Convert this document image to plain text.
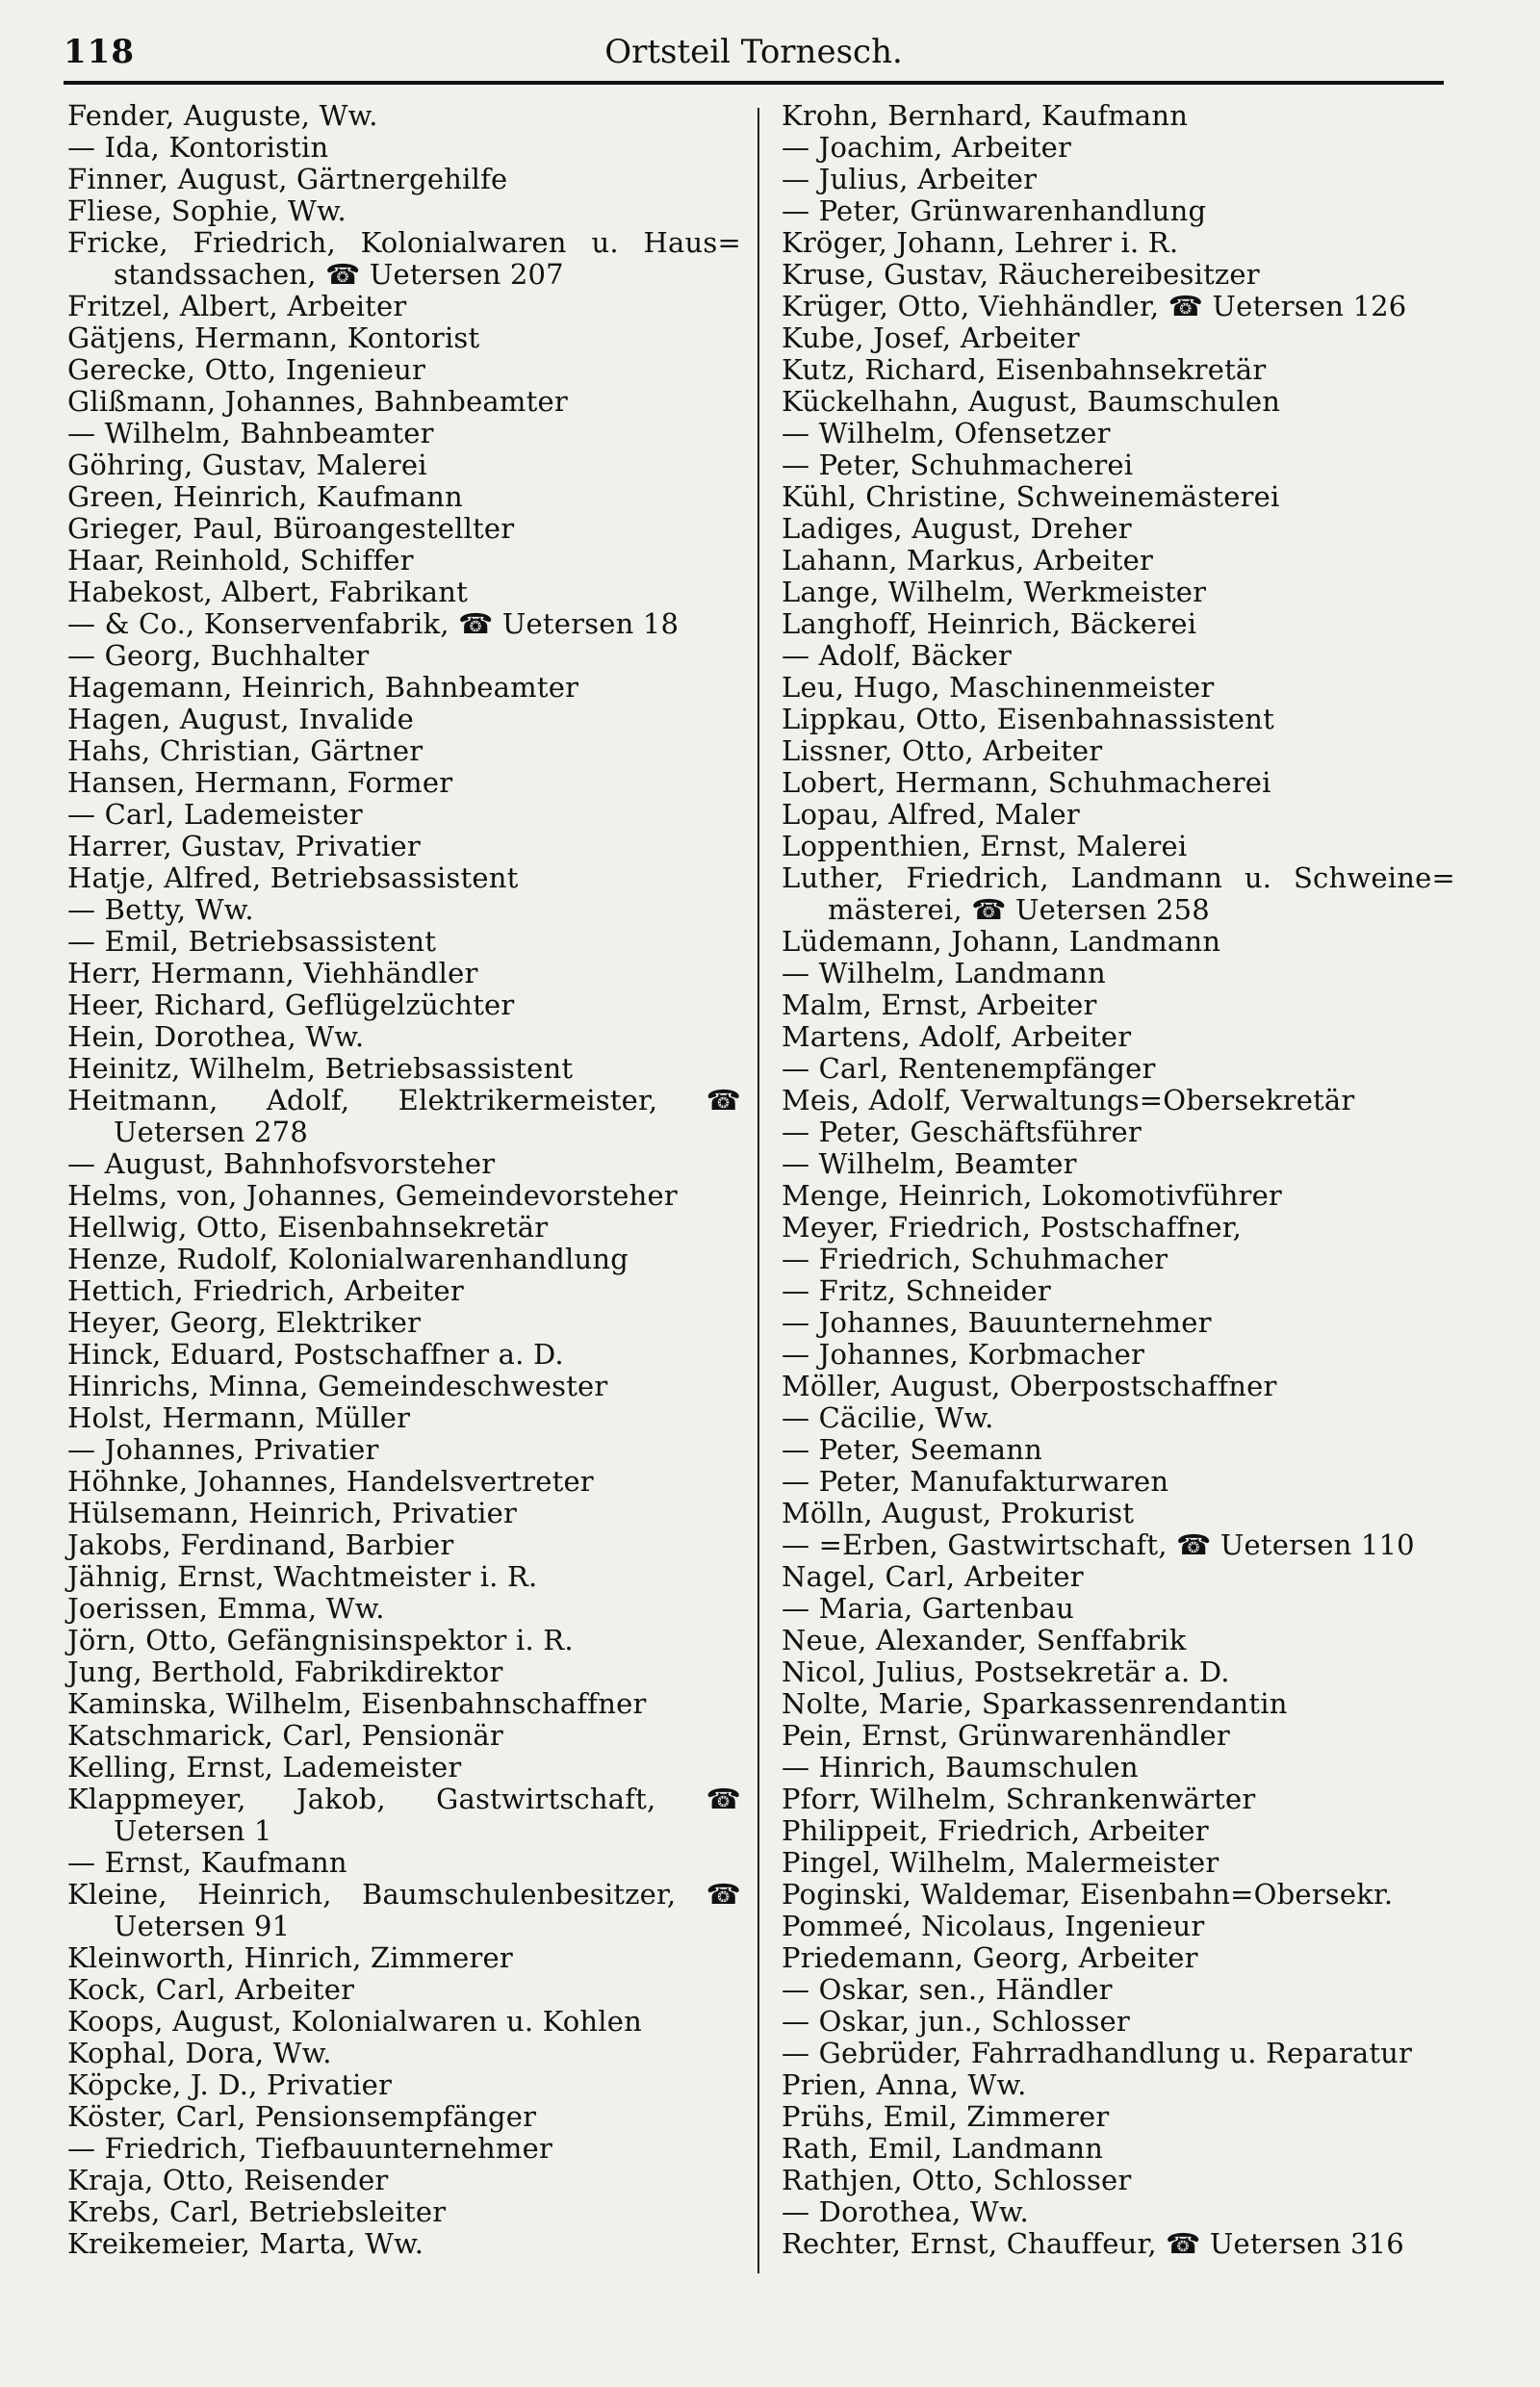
118	Ortsteil Tornesch.
Fender, Auguste, Ww.
— Ida, Kontoristin
Finner, August, Gärtnergehilfe
Fliese, Sophie, Ww.
Fricke, Friedrich, Kolonialwaren u. Haus=
standssachen, ☎ Uetersen 207
Fritzel, Albert, Arbeiter
Gätjens, Hermann, Kontorist
Gerecke, Otto, Ingenieur
Glißmann, Johannes, Bahnbeamter
— Wilhelm, Bahnbeamter
Göhring, Gustav, Malerei
Green, Heinrich, Kaufmann
Grieger, Paul, Büroangestellter
Haar, Reinhold, Schiffer
Habekost, Albert, Fabrikant
— & Co., Konservenfabrik, ☎ Uetersen 18
— Georg, Buchhalter
Hagemann, Heinrich, Bahnbeamter
Hagen, August, Invalide
Hahs, Christian, Gärtner
Hansen, Hermann, Former
— Carl, Lademeister
Harrer, Gustav, Privatier
Hatje, Alfred, Betriebsassistent
— Betty, Ww.
— Emil, Betriebsassistent
Herr, Hermann, Viehhändler
Heer, Richard, Geflügelzüchter
Hein, Dorothea, Ww.
Heinitz, Wilhelm, Betriebsassistent
Heitmann, Adolf, Elektrikermeister, ☎
Uetersen 278
— August, Bahnhofsvorsteher
Helms, von, Johannes, Gemeindevorsteher
Hellwig, Otto, Eisenbahnsekretär
Henze, Rudolf, Kolonialwarenhandlung
Hettich, Friedrich, Arbeiter
Heyer, Georg, Elektriker
Hinck, Eduard, Postschaffner a. D.
Hinrichs, Minna, Gemeindeschwester
Holst, Hermann, Müller
— Johannes, Privatier
Höhnke, Johannes, Handelsvertreter
Hülsemann, Heinrich, Privatier
Jakobs, Ferdinand, Barbier
Jähnig, Ernst, Wachtmeister i. R.
Joerissen, Emma, Ww.
Jörn, Otto, Gefängnisinspektor i. R.
Jung, Berthold, Fabrikdirektor
Kaminska, Wilhelm, Eisenbahnschaffner
Katschmarick, Carl, Pensionär
Kelling, Ernst, Lademeister
Klappmeyer, Jakob, Gastwirtschaft, ☎
Uetersen 1
— Ernst, Kaufmann
Kleine, Heinrich, Baumschulenbesitzer, ☎
Uetersen 91
Kleinworth, Hinrich, Zimmerer
Kock, Carl, Arbeiter
Koops, August, Kolonialwaren u. Kohlen
Kophal, Dora, Ww.
Köpcke, J. D., Privatier
Köster, Carl, Pensionsempfänger
— Friedrich, Tiefbauunternehmer
Kraja, Otto, Reisender
Krebs, Carl, Betriebsleiter
Kreikemeier, Marta, Ww.
Krohn, Bernhard, Kaufmann
— Joachim, Arbeiter
— Julius, Arbeiter
— Peter, Grünwarenhandlung
Kröger, Johann, Lehrer i. R.
Kruse, Gustav, Räuchereibesitzer
Krüger, Otto, Viehhändler, ☎ Uetersen 126
Kube, Josef, Arbeiter
Kutz, Richard, Eisenbahnsekretär
Kückelhahn, August, Baumschulen
— Wilhelm, Ofensetzer
— Peter, Schuhmacherei
Kühl, Christine, Schweinemästerei
Ladiges, August, Dreher
Lahann, Markus, Arbeiter
Lange, Wilhelm, Werkmeister
Langhoff, Heinrich, Bäckerei
— Adolf, Bäcker
Leu, Hugo, Maschinenmeister
Lippkau, Otto, Eisenbahnassistent
Lissner, Otto, Arbeiter
Lobert, Hermann, Schuhmacherei
Lopau, Alfred, Maler
Loppenthien, Ernst, Malerei
Luther, Friedrich, Landmann u. Schweine=
mästerei, ☎ Uetersen 258
Lüdemann, Johann, Landmann
— Wilhelm, Landmann
Malm, Ernst, Arbeiter
Martens, Adolf, Arbeiter
— Carl, Rentenempfänger
Meis, Adolf, Verwaltungs=Obersekretär
— Peter, Geschäftsführer
— Wilhelm, Beamter
Menge, Heinrich, Lokomotivführer
Meyer, Friedrich, Postschaffner,
— Friedrich, Schuhmacher
— Fritz, Schneider
— Johannes, Bauunternehmer
— Johannes, Korbmacher
Möller, August, Oberpostschaffner
— Cäcilie, Ww.
— Peter, Seemann
— Peter, Manufakturwaren
Mölln, August, Prokurist
— =Erben, Gastwirtschaft, ☎ Uetersen 110
Nagel, Carl, Arbeiter
— Maria, Gartenbau
Neue, Alexander, Senffabrik
Nicol, Julius, Postsekretär a. D.
Nolte, Marie, Sparkassenrendantin
Pein, Ernst, Grünwarenhändler
— Hinrich, Baumschulen
Pforr, Wilhelm, Schrankenwärter
Philippeit, Friedrich, Arbeiter
Pingel, Wilhelm, Malermeister
Poginski, Waldemar, Eisenbahn=Obersekr.
Pommeé, Nicolaus, Ingenieur
Priedemann, Georg, Arbeiter
— Oskar, sen., Händler
— Oskar, jun., Schlosser
— Gebrüder, Fahrradhandlung u. Reparatur
Prien, Anna, Ww.
Prühs, Emil, Zimmerer
Rath, Emil, Landmann
Rathjen, Otto, Schlosser
— Dorothea, Ww.
Rechter, Ernst, Chauffeur, ☎ Uetersen 316
